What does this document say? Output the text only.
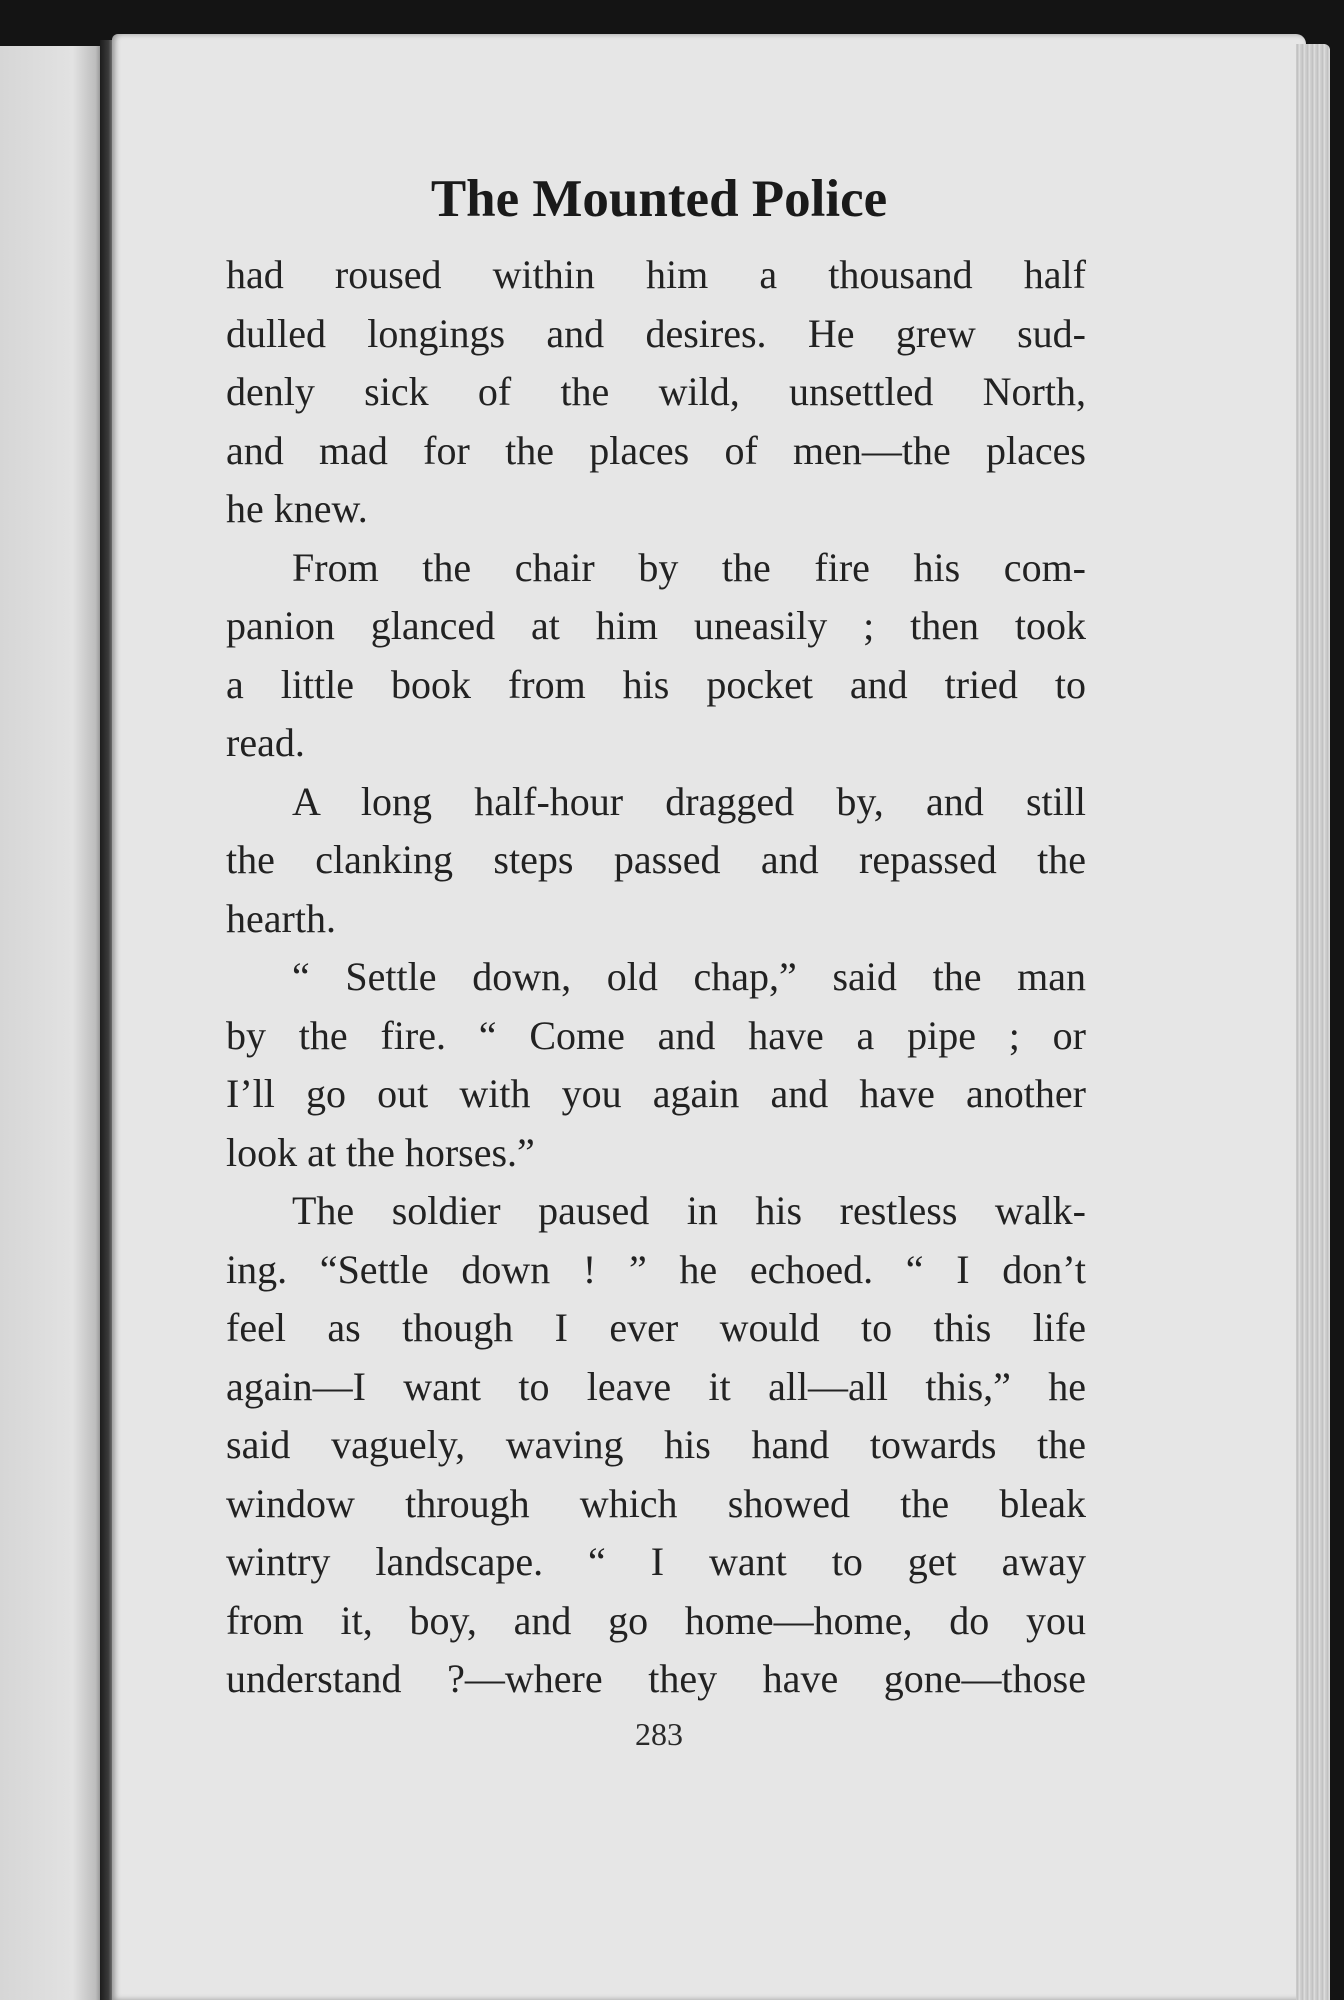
The Mounted Police
had roused within him a thousand half
dulled longings and desires. He grew sud-
denly sick of the wild, unsettled North,
and mad for the places of men—the places
he knew.
From the chair by the fire his com-
panion glanced at him uneasily ; then took
a little book from his pocket and tried to
read.
A long half-hour dragged by, and still
the clanking steps passed and repassed the
hearth.
“ Settle down, old chap,” said the man
by the fire. “ Come and have a pipe ; or
I’ll go out with you again and have another
look at the horses.”
The soldier paused in his restless walk-
ing. “Settle down ! ” he echoed. “ I don’t
feel as though I ever would to this life
again—I want to leave it all—all this,” he
said vaguely, waving his hand towards the
window through which showed the bleak
wintry landscape. “ I want to get away
from it, boy, and go home—home, do you
understand ?—where they have gone—those
283
